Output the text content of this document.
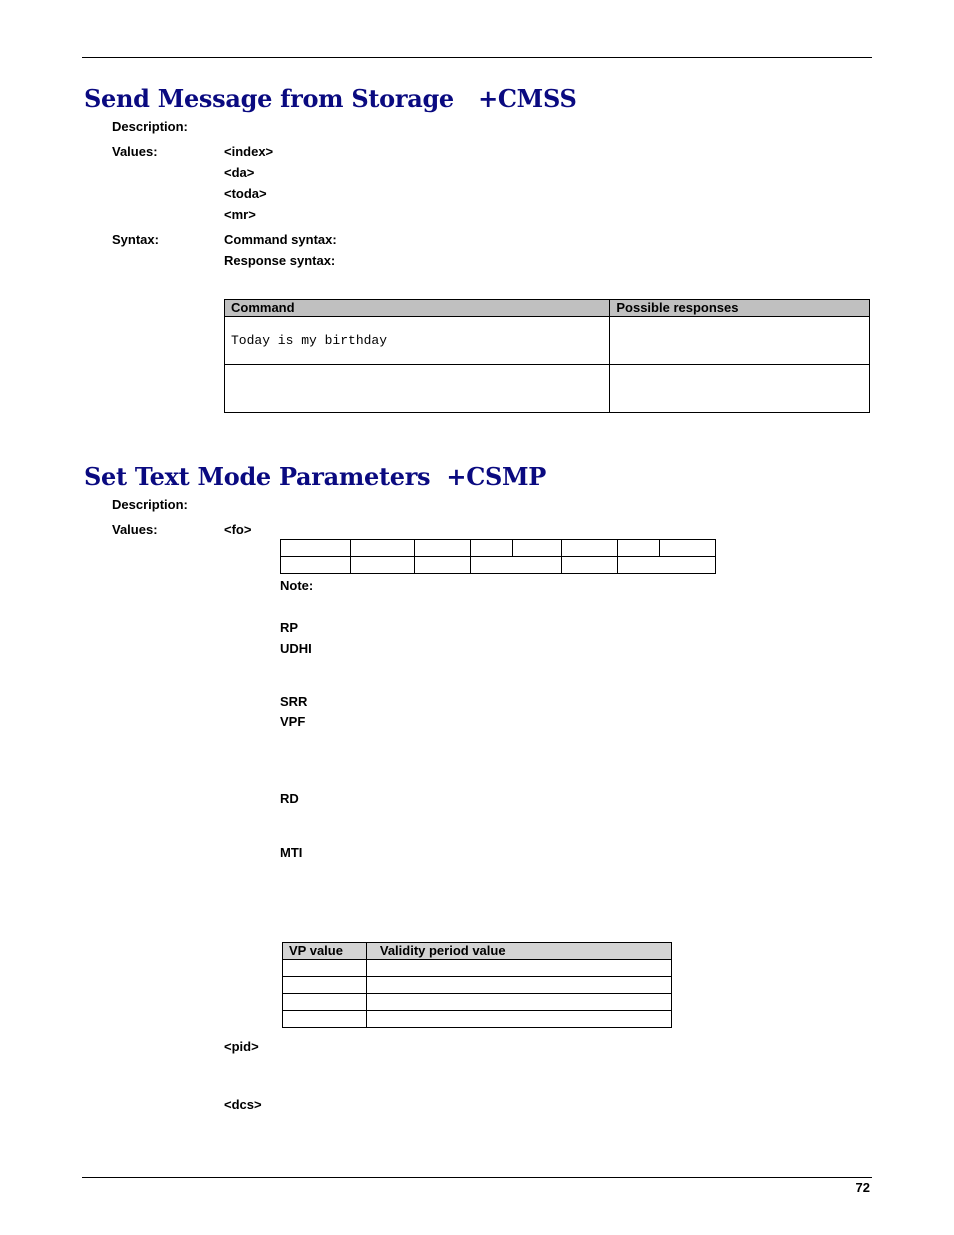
Send Message from Storage   +CMSS
Description:
Values:	<index>
<da>
<toda>
<mr>
Syntax:	Command syntax:
Response syntax:
Command	Possible responses
Today is my birthday	

Set Text Mode Parameters  +CSMP
Description:
Values:	<fo>

Note:
RP
UDHI
SRR
VPF
RD
MTI
VP value	Validity period value

<pid>
<dcs>
72
